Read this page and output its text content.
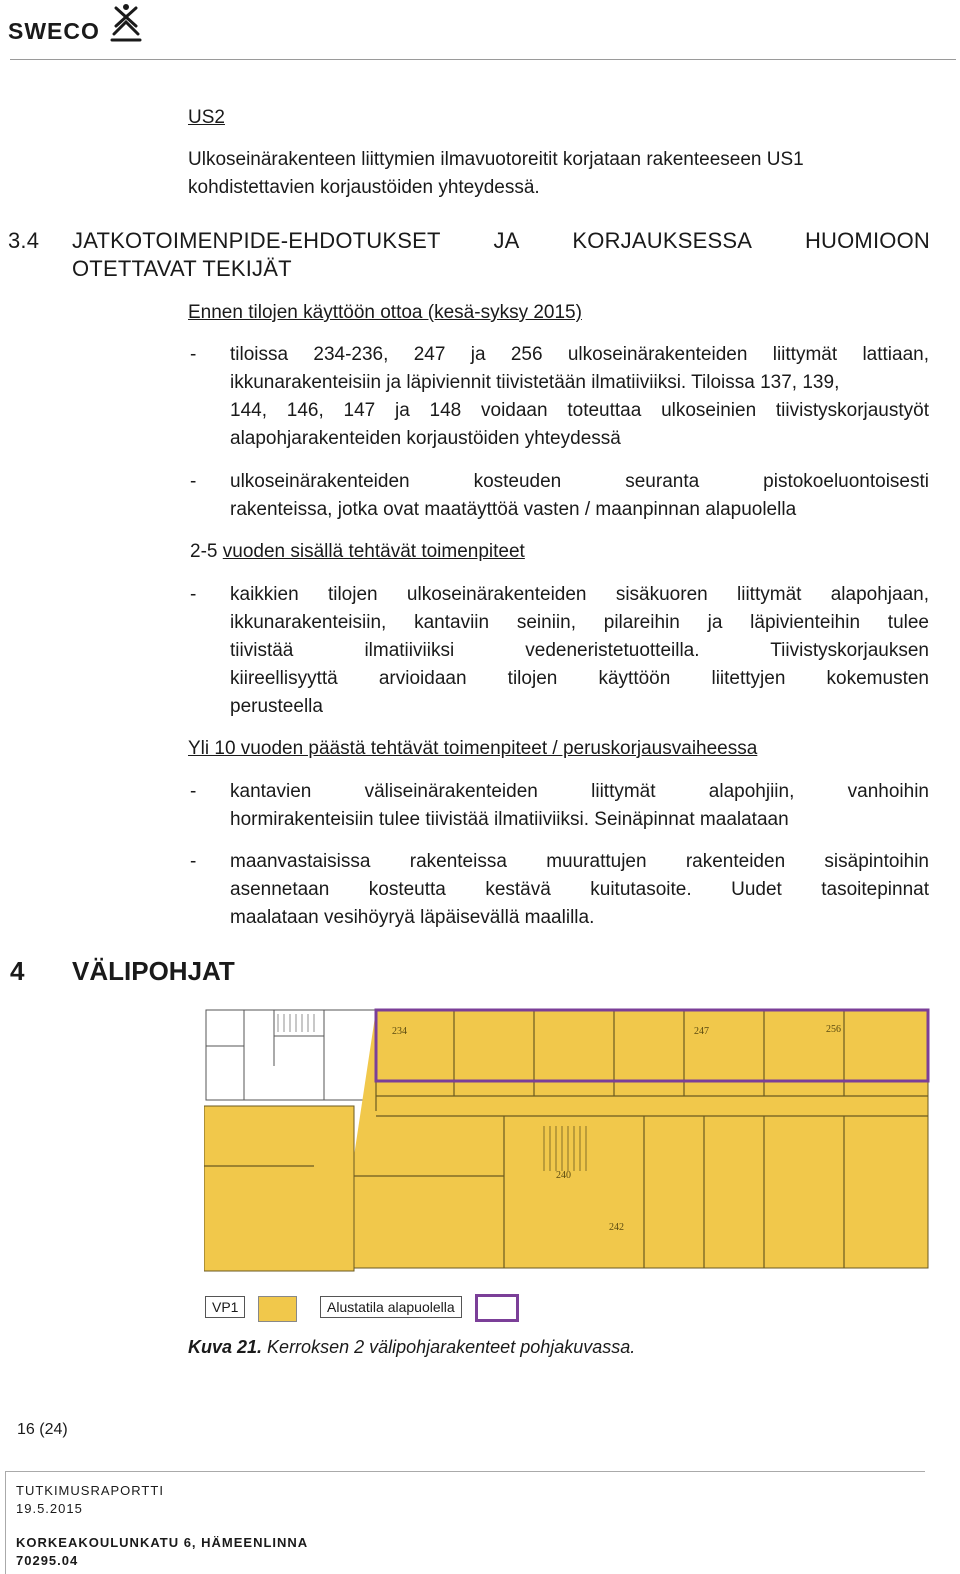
SWECO
US2
Ulkoseinärakenteen liittymien ilmavuotoreitit korjataan rakenteeseen US1
kohdistettavien korjaustöiden yhteydessä.
3.4 JATKOTOIMENPIDE-EHDOTUKSET JA KORJAUKSESSA HUOMIOON
OTETTAVAT TEKIJÄT
Ennen tilojen käyttöön ottoa (kesä-syksy 2015)
- tiloissa 234-236, 247 ja 256 ulkoseinärakenteiden liittymät lattiaan,
ikkunarakenteisiin ja läpiviennit tiivistetään ilmatiiviiksi. Tiloissa 137, 139,
144, 146, 147 ja 148 voidaan toteuttaa ulkoseinien tiivistyskorjaustyöt
alapohjarakenteiden korjaustöiden yhteydessä
- ulkoseinärakenteiden kosteuden seuranta pistokoeluontoisesti
rakenteissa, jotka ovat maatäyttöä vasten / maanpinnan alapuolella
2-5 vuoden sisällä tehtävät toimenpiteet
- kaikkien tilojen ulkoseinärakenteiden sisäkuoren liittymät alapohjaan,
ikkunarakenteisiin, kantaviin seiniin, pilareihin ja läpivienteihin tulee
tiivistää ilmatiiviiksi vedeneristetuotteilla. Tiivistyskorjauksen
kiireellisyyttä arvioidaan tilojen käyttöön liitettyjen kokemusten
perusteella
Yli 10 vuoden päästä tehtävät toimenpiteet / peruskorjausvaiheessa
- kantavien väliseinärakenteiden liittymät alapohjiin, vanhoihin
hormirakenteisiin tulee tiivistää ilmatiiviiksi. Seinäpinnat maalataan
- maanvastaisissa rakenteissa muurattujen rakenteiden sisäpintoihin
asennetaan kosteutta kestävä kuitutasoite. Uudet tasoitepinnat
maalataan vesihöyryä läpäisevällä maalilla.
4 VÄLIPOHJAT
234	247	256
240
242
VP1	Alustatila alapuolella
Kuva 21. Kerroksen 2 välipohjarakenteet pohjakuvassa.
16 (24)
TUTKIMUSRAPORTTI
19.5.2015
KORKEAKOULUNKATU 6, HÄMEENLINNA
70295.04
